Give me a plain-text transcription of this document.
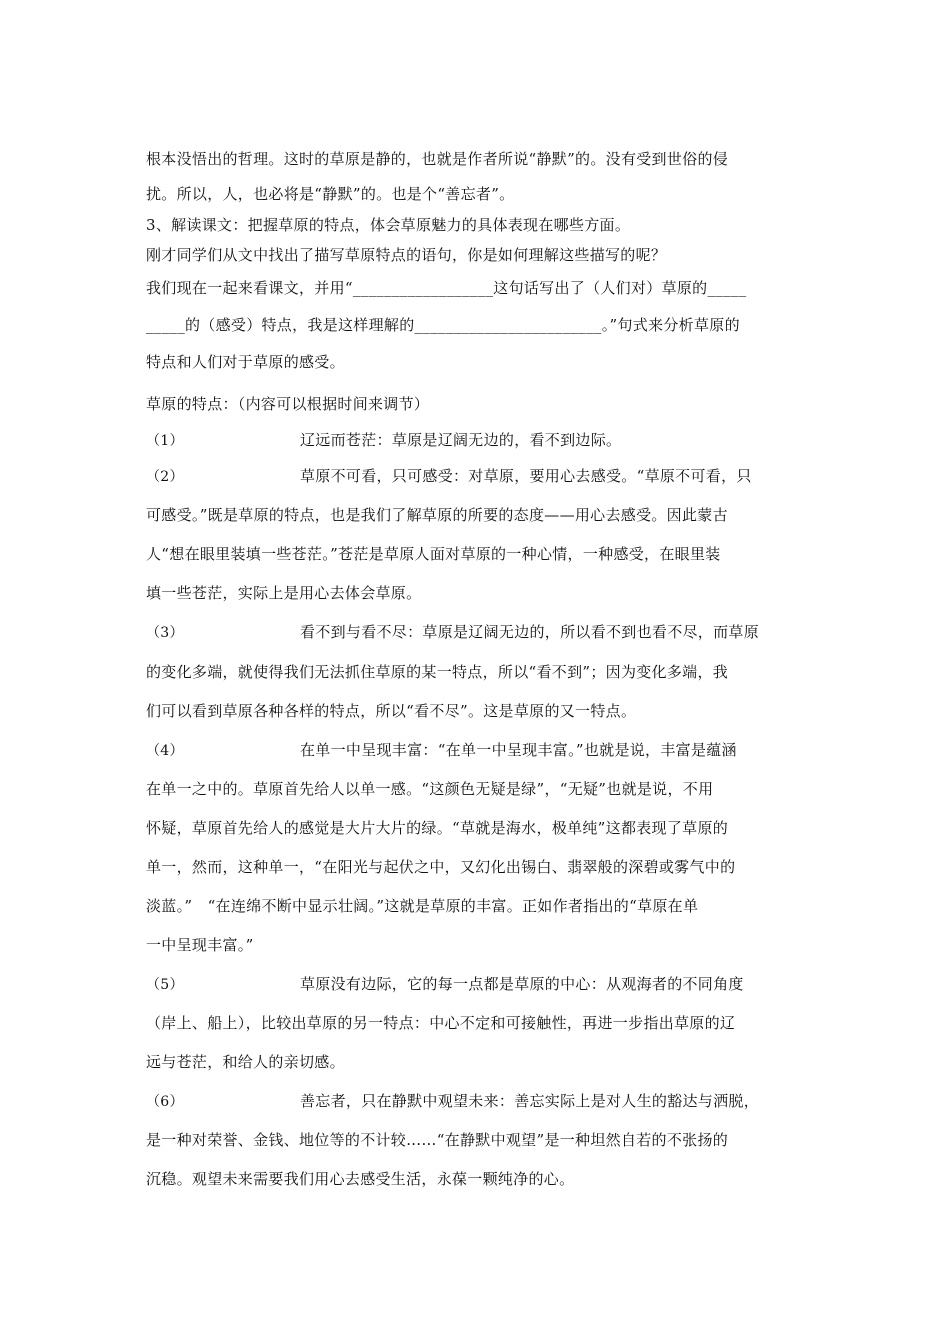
根本没悟出的哲理。这时的草原是静的，也就是作者所说“静默”的。没有受到世俗的侵
扰。所以，人，也必将是“静默”的。也是个“善忘者”。
3、解读课文：把握草原的特点，体会草原魅力的具体表现在哪些方面。
刚才同学们从文中找出了描写草原特点的语句，你是如何理解这些描写的呢？
我们现在一起来看课文，并用“__________________这句话写出了（人们对）草原的_____
_____的（感受）特点，我是这样理解的________________________。”句式来分析草原的
特点和人们对于草原的感受。
草原的特点：（内容可以根据时间来调节）
（1）	辽远而苍茫：草原是辽阔无边的，看不到边际。
（2）	草原不可看，只可感受：对草原，要用心去感受。“草原不可看，只
可感受。”既是草原的特点，也是我们了解草原的所要的态度——用心去感受。因此蒙古
人“想在眼里装填一些苍茫。”苍茫是草原人面对草原的一种心情，一种感受，在眼里装
填一些苍茫，实际上是用心去体会草原。
（3）	看不到与看不尽：草原是辽阔无边的，所以看不到也看不尽，而草原
的变化多端，就使得我们无法抓住草原的某一特点，所以“看不到”；因为变化多端，我
们可以看到草原各种各样的特点，所以“看不尽”。这是草原的又一特点。
（4）	在单一中呈现丰富：“在单一中呈现丰富。”也就是说，丰富是蕴涵
在单一之中的。草原首先给人以单一感。“这颜色无疑是绿”，“无疑”也就是说，不用
怀疑，草原首先给人的感觉是大片大片的绿。“草就是海水，极单纯”这都表现了草原的
单一，然而，这种单一，“在阳光与起伏之中，又幻化出锡白、翡翠般的深碧或雾气中的
淡蓝。”   “在连绵不断中显示壮阔。”这就是草原的丰富。正如作者指出的“草原在单
一中呈现丰富。”
（5）	草原没有边际，它的每一点都是草原的中心：从观海者的不同角度
（岸上、船上），比较出草原的另一特点：中心不定和可接触性，再进一步指出草原的辽
远与苍茫，和给人的亲切感。
（6）	善忘者，只在静默中观望未来：善忘实际上是对人生的豁达与洒脱，
是一种对荣誉、金钱、地位等的不计较……“在静默中观望”是一种坦然自若的不张扬的
沉稳。观望未来需要我们用心去感受生活，永葆一颗纯净的心。
